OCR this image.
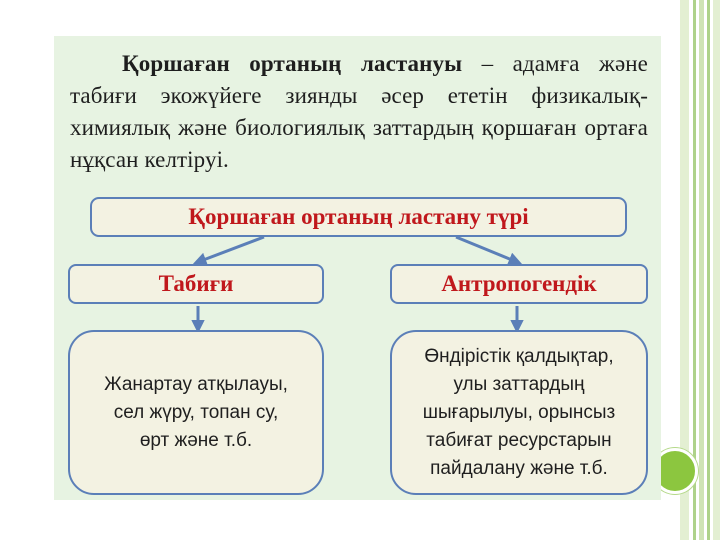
Қоршаған ортаның ластануы – адамға және табиғи экожүйеге зиянды әсер ететін физикалық-химиялық және биологиялық заттардың қоршаған ортаға нұқсан келтіруі.

Қоршаған ортаның ластану түрі
Табиғи	Антропогендік
Жанартау атқылауы,
сел жүру, топан су,
өрт және т.б.
Өндірістік қалдықтар,
улы заттардың
шығарылуы, орынсыз
табиғат ресурстарын
пайдалану және т.б.
